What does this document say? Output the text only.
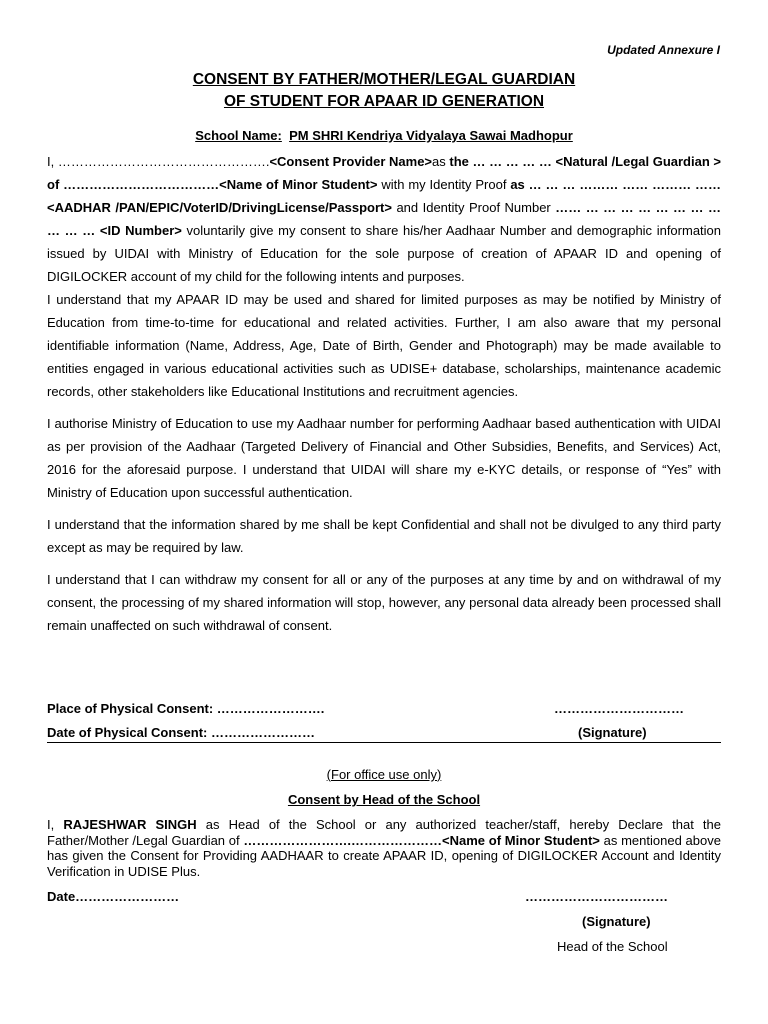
Updated Annexure I
CONSENT BY FATHER/MOTHER/LEGAL GUARDIAN
OF STUDENT FOR APAAR ID GENERATION
School Name: PM SHRI Kendriya Vidyalaya Sawai Madhopur

I, ………………………………………….<Consent Provider Name>as the … … … … … <Natural /Legal Guardian > of ………………………………<Name of Minor Student> with my Identity Proof as … … … ……… …… ……… …… <AADHAR /PAN/EPIC/VoterID/DrivingLicense/Passport> and Identity Proof Number …… … … … … … … … … … … … <ID Number> voluntarily give my consent to share his/her Aadhaar Number and demographic information issued by UIDAI with Ministry of Education for the sole purpose of creation of APAAR ID and opening of DIGILOCKER account of my child for the following intents and purposes.

I understand that my APAAR ID may be used and shared for limited purposes as may be notified by Ministry of Education from time-to-time for educational and related activities. Further, I am also aware that my personal identifiable information (Name, Address, Age, Date of Birth, Gender and Photograph) may be made available to entities engaged in various educational activities such as UDISE+ database, scholarships, maintenance academic records, other stakeholders like Educational Institutions and recruitment agencies.

I authorise Ministry of Education to use my Aadhaar number for performing Aadhaar based authentication with UIDAI as per provision of the Aadhaar (Targeted Delivery of Financial and Other Subsidies, Benefits, and Services) Act, 2016 for the aforesaid purpose. I understand that UIDAI will share my e-KYC details, or response of “Yes” with Ministry of Education upon successful authentication.

I understand that the information shared by me shall be kept Confidential and shall not be divulged to any third party except as may be required by law.

I understand that I can withdraw my consent for all or any of the purposes at any time by and on withdrawal of my consent, the processing of my shared information will stop, however, any personal data already been processed shall remain unaffected on such withdrawal of consent.

Place of Physical Consent: …………………….	…………………………
Date of Physical Consent: ……………………	(Signature)
(For office use only)
Consent by Head of the School

I, RAJESHWAR SINGH as Head of the School or any authorized teacher/staff, hereby Declare that the Father/Mother /Legal Guardian of …………………….…………………<Name of Minor Student> as mentioned above has given the Consent for Providing AADHAAR to create APAAR ID, opening of DIGILOCKER Account and Identity Verification in UDISE Plus.

Date……………………	……………………………
(Signature)
Head of the School
